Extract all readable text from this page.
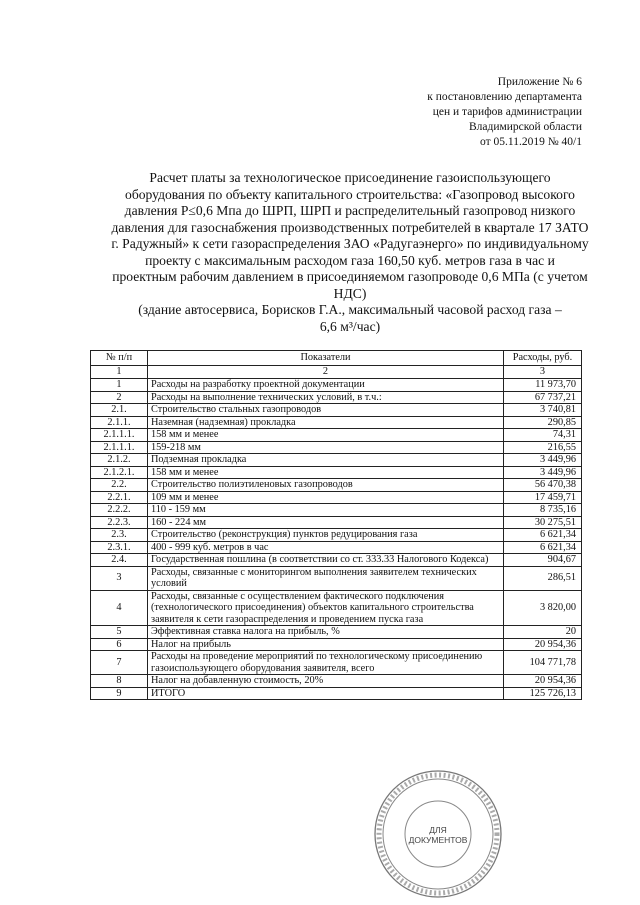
Приложение № 6
к постановлению департамента
цен и тарифов администрации
Владимирской области
от 05.11.2019 № 40/1
Расчет платы за технологическое присоединение газоиспользующего
оборудования по объекту капитального строительства: «Газопровод высокого
давления Р≤0,6 Мпа до ШРП, ШРП и распределительный газопровод низкого
давления для газоснабжения производственных потребителей в квартале 17 ЗАТО
г. Радужный» к сети газораспределения ЗАО «Радугаэнерго» по индивидуальному
проекту с максимальным расходом газа 160,50 куб. метров газа в час и
проектным рабочим давлением в присоединяемом газопроводе 0,6 МПа (с учетом
НДС)
(здание автосервиса, Борисков Г.А., максимальный часовой расход газа –
6,6 м³/час)
№ п/п	Показатели	Расходы, руб.
1	2	3
1	Расходы на разработку проектной документации	11 973,70
2	Расходы на выполнение технических условий, в т.ч.:	67 737,21
2.1.	Строительство стальных газопроводов	3 740,81
2.1.1.	Наземная (надземная) прокладка	290,85
2.1.1.1.	158 мм и менее	74,31
2.1.1.1.	159-218 мм	216,55
2.1.2.	Подземная прокладка	3 449,96
2.1.2.1.	158 мм и менее	3 449,96
2.2.	Строительство полиэтиленовых газопроводов	56 470,38
2.2.1.	109 мм и менее	17 459,71
2.2.2.	110 - 159 мм	8 735,16
2.2.3.	160 - 224 мм	30 275,51
2.3.	Строительство (реконструкция) пунктов редуцирования газа	6 621,34
2.3.1.	400 - 999 куб. метров в час	6 621,34
2.4.	Государственная пошлина (в соответствии со ст. 333.33 Налогового Кодекса)	904,67
3	Расходы, связанные с мониторингом выполнения заявителем технических условий	286,51
4	Расходы, связанные с осуществлением фактического подключения (технологического присоединения) объектов капитального строительства заявителя к сети газораспределения и проведением пуска газа	3 820,00
5	Эффективная ставка налога на прибыль, %	20
6	Налог на прибыль	20 954,36
7	Расходы на проведение мероприятий по технологическому присоединению газоиспользующего оборудования заявителя, всего	104 771,78
8	Налог на добавленную стоимость, 20%	20 954,36
9	ИТОГО	125 726,13
ДЛЯ
ДОКУМЕНТОВ
